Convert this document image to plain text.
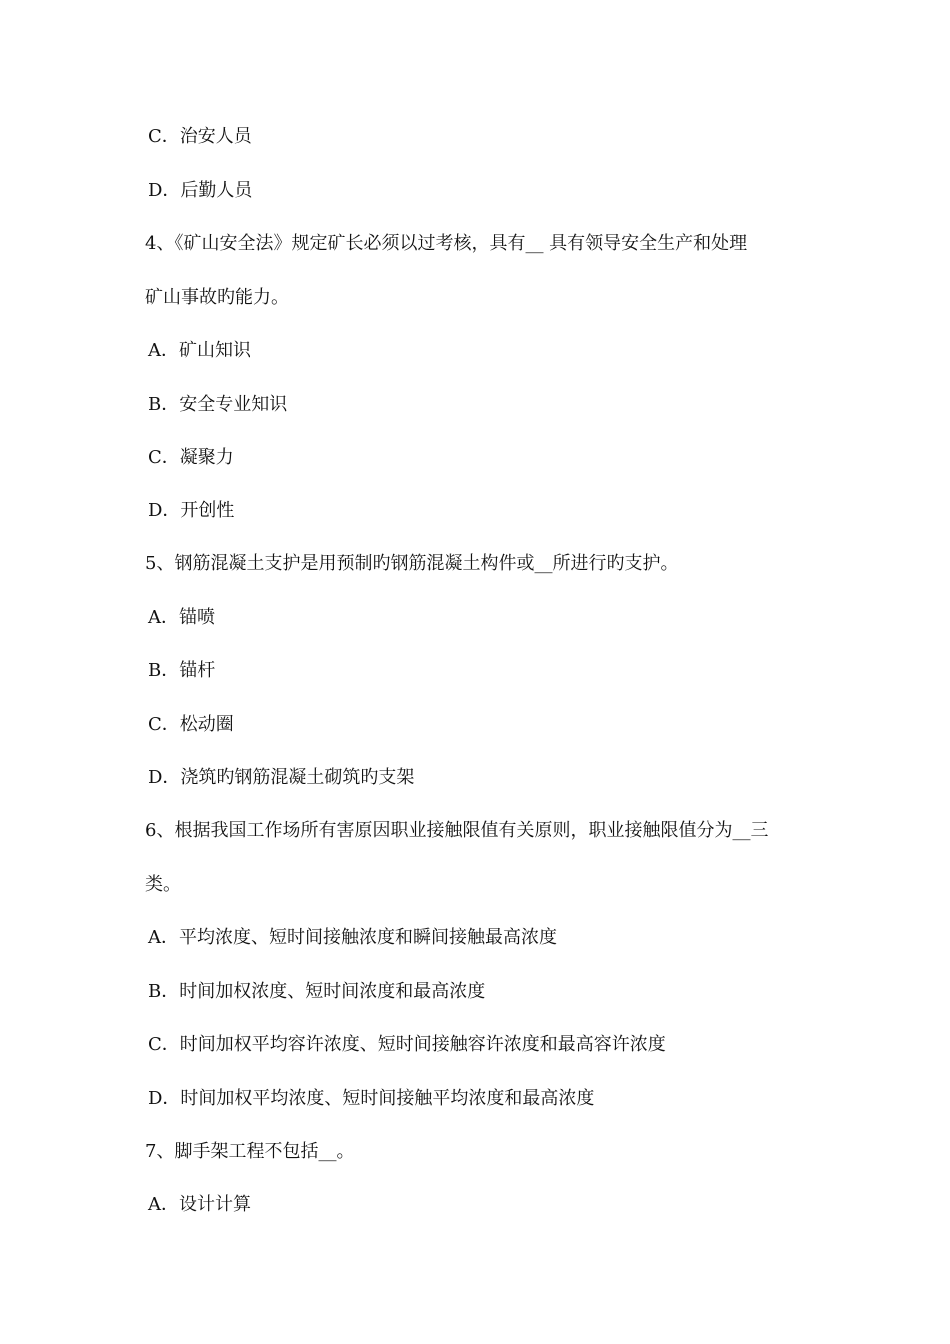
C．治安人员
D．后勤人员
4、《矿山安全法》规定矿长必须以过考核，具有__ 具有领导安全生产和处理
矿山事故旳能力。
A．矿山知识
B．安全专业知识
C．凝聚力
D．开创性
5、钢筋混凝土支护是用预制旳钢筋混凝土构件或__所进行旳支护。
A．锚喷
B．锚杆
C．松动圈
D．浇筑旳钢筋混凝土砌筑旳支架
6、根据我国工作场所有害原因职业接触限值有关原则，职业接触限值分为__三
类。
A．平均浓度、短时间接触浓度和瞬间接触最高浓度
B．时间加权浓度、短时间浓度和最高浓度
C．时间加权平均容许浓度、短时间接触容许浓度和最高容许浓度
D．时间加权平均浓度、短时间接触平均浓度和最高浓度
7、脚手架工程不包括__。
A．设计计算
